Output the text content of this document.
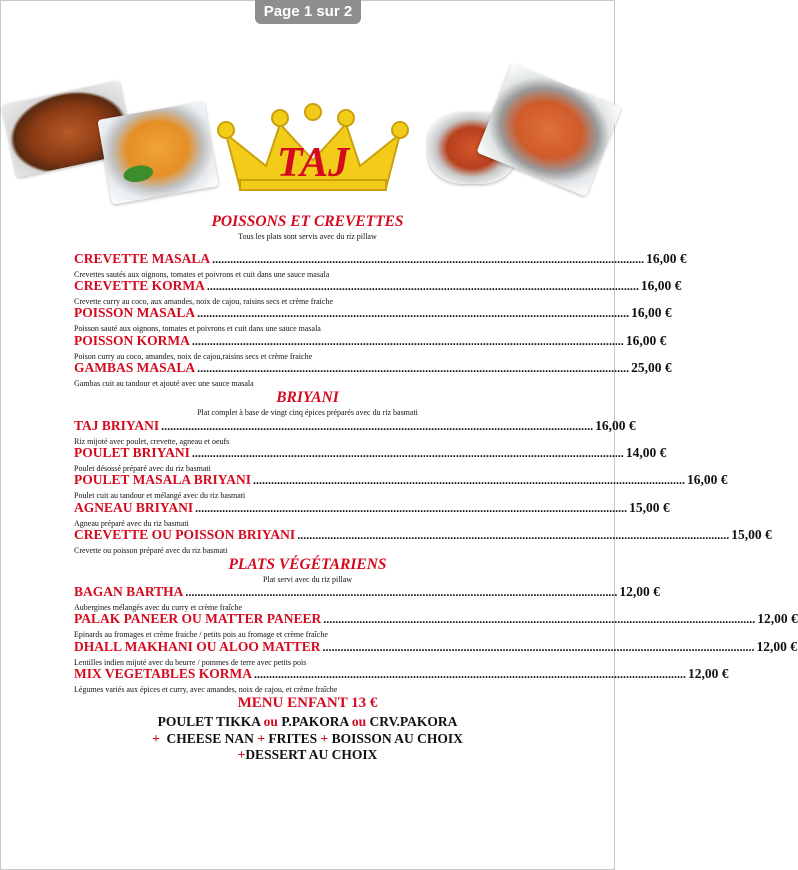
Page 1 sur 2
TAJ
POISSONS ET CREVETTES
Tous les plats sont servis avec du riz pillaw
CREVETTE MASALA ................................................................................................................................................ 16,00 €
Crevettes sautés aux oignons, tomates et poivrons et cuit dans une sauce masala
CREVETTE KORMA ................................................................................................................................................ 16,00 €
Crevette curry au coco, aux amandes, noix de cajou, raisins secs et crème fraiche
POISSON MASALA ................................................................................................................................................ 16,00 €
Poisson sauté aux oignons, tomates et poivrons et cuit dans une sauce masala
POISSON KORMA ................................................................................................................................................ 16,00 €
Poison curry au coco, amandes, noix de cajou,raisins secs et crème fraiche
GAMBAS MASALA ................................................................................................................................................ 25,00 €
Gambas cuit au tandour et ajouté avec une sauce masala
BRIYANI
Plat complet à base de vingt cinq épices préparés avec du riz basmati
TAJ BRIYANI ................................................................................................................................................ 16,00 €
Riz mijoté avec poulet, crevette, agneau et oeufs
POULET BRIYANI ................................................................................................................................................ 14,00 €
Poulet désossé préparé avec du riz basmati
POULET MASALA BRIYANI ................................................................................................................................................ 16,00 €
Poulet cuit au tandour et mélangé avec du riz basmati
AGNEAU BRIYANI ................................................................................................................................................ 15,00 €
Agneau préparé avec du riz basmati
CREVETTE OU POISSON BRIYANI ................................................................................................................................................ 15,00 €
Crevette ou poisson préparé avec du riz basmati
PLATS VÉGÉTARIENS
Plat servi avec du riz pillaw
BAGAN BARTHA ................................................................................................................................................ 12,00 €
Aubergines mélangés avec du curry et crème fraîche
PALAK PANEER OU MATTER PANEER ................................................................................................................................................ 12,00 €
Epinards au fromages et crème fraiche / petits pois au fromage et crème fraîche
DHALL MAKHANI OU ALOO MATTER ................................................................................................................................................ 12,00 €
Lentilles indien mijoté avec du beurre / pommes de terre avec petits pois
MIX VEGETABLES KORMA ................................................................................................................................................ 12,00 €
Légumes variés aux épices et curry, avec amandes, noix de cajou, et crème fraîche
MENU ENFANT 13 €
POULET TIKKA ou P.PAKORA ou CRV.PAKORA
+ CHEESE NAN + FRITES + BOISSON AU CHOIX
+DESSERT AU CHOIX
